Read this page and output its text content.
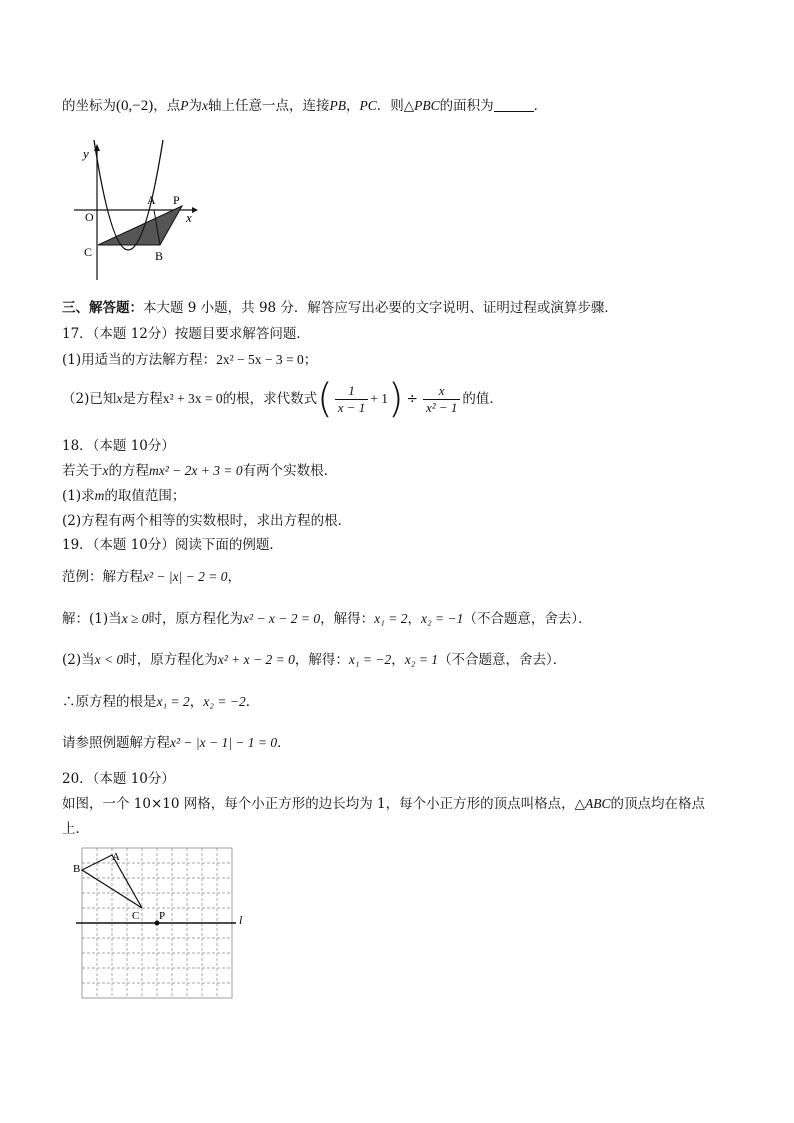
的坐标为(0,−2)，点P为x轴上任意一点，连接PB，PC．则△PBC的面积为	．
y
x
O
A P
C	B
三、解答题：本大题 9 小题，共 98 分．解答应写出必要的文字说明、证明过程或演算步骤．
17．（本题 12分）按题目要求解答问题．
(1)用适当的方法解方程：2x² − 5x − 3 = 0；
（2)已知 x 是方程 x² + 3x = 0 的根，求代数式 ( $\frac{1}{x - 1} + 1$ ) ÷ $\frac{x}{\text{x² − 1}}$ 的值．
18．（本题 10分）
若关于x的方程mx² − 2x + 3 = 0有两个实数根．
(1)求m的取值范围；
(2)方程有两个相等的实数根时，求出方程的根．
19．（本题 10分）阅读下面的例题．
范例：解方程x² − |x| − 2 = 0，
解：(1)当x ≥ 0时，原方程化为x² − x − 2 = 0，解得：x₁ = 2，x₂ = −1（不合题意，舍去）．
(2)当x < 0时，原方程化为x² + x − 2 = 0，解得：x₁ = −2，x₂ = 1（不合题意，舍去）．
∴原方程的根是x₁ = 2，x₂ = −2．
请参照例题解方程x² − |x − 1| − 1 = 0．
20．（本题 10分）
如图，一个 10×10 网格，每个小正方形的边长均为 1，每个小正方形的顶点叫格点，△ABC的顶点均在格点
上．
A
B
C P	l
